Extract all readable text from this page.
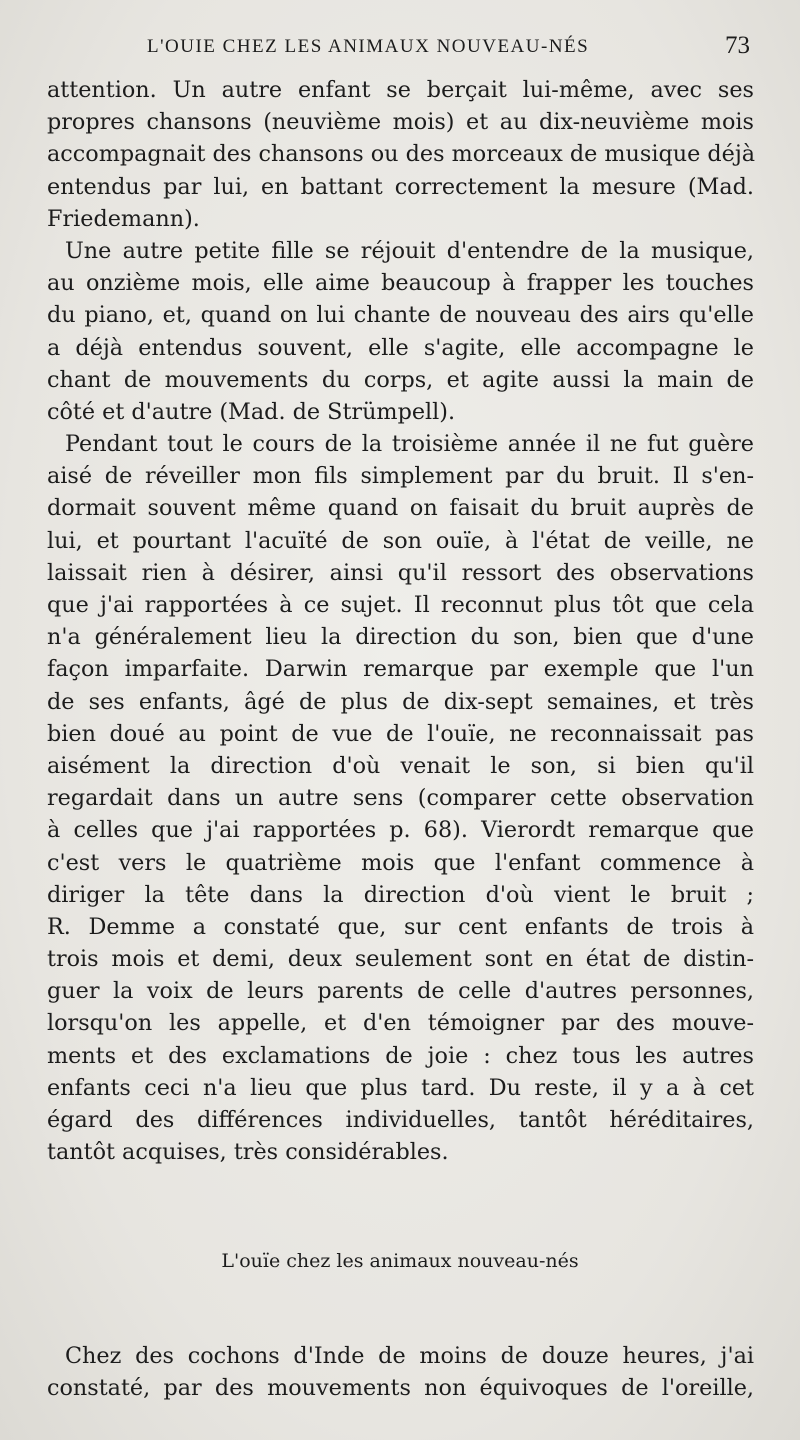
L'OUIE CHEZ LES ANIMAUX NOUVEAU-NÉS	73
attention. Un autre enfant se berçait lui-même, avec ses
propres chansons (neuvième mois) et au dix-neuvième mois
accompagnait des chansons ou des morceaux de musique déjà
entendus par lui, en battant correctement la mesure (Mad.
Friedemann).
Une autre petite fille se réjouit d'entendre de la musique,
au onzième mois, elle aime beaucoup à frapper les touches
du piano, et, quand on lui chante de nouveau des airs qu'elle
a déjà entendus souvent, elle s'agite, elle accompagne le
chant de mouvements du corps, et agite aussi la main de
côté et d'autre (Mad. de Strümpell).
Pendant tout le cours de la troisième année il ne fut guère
aisé de réveiller mon fils simplement par du bruit. Il s'en-
dormait souvent même quand on faisait du bruit auprès de
lui, et pourtant l'acuïté de son ouïe, à l'état de veille, ne
laissait rien à désirer, ainsi qu'il ressort des observations
que j'ai rapportées à ce sujet. Il reconnut plus tôt que cela
n'a généralement lieu la direction du son, bien que d'une
façon imparfaite. Darwin remarque par exemple que l'un
de ses enfants, âgé de plus de dix-sept semaines, et très
bien doué au point de vue de l'ouïe, ne reconnaissait pas
aisément la direction d'où venait le son, si bien qu'il
regardait dans un autre sens (comparer cette observation
à celles que j'ai rapportées p. 68). Vierordt remarque que
c'est vers le quatrième mois que l'enfant commence à
diriger la tête dans la direction d'où vient le bruit ;
R. Demme a constaté que, sur cent enfants de trois à
trois mois et demi, deux seulement sont en état de distin-
guer la voix de leurs parents de celle d'autres personnes,
lorsqu'on les appelle, et d'en témoigner par des mouve-
ments et des exclamations de joie : chez tous les autres
enfants ceci n'a lieu que plus tard. Du reste, il y a à cet
égard des différences individuelles, tantôt héréditaires,
tantôt acquises, très considérables.
L'ouïe chez les animaux nouveau-nés
Chez des cochons d'Inde de moins de douze heures, j'ai
constaté, par des mouvements non équivoques de l'oreille,
